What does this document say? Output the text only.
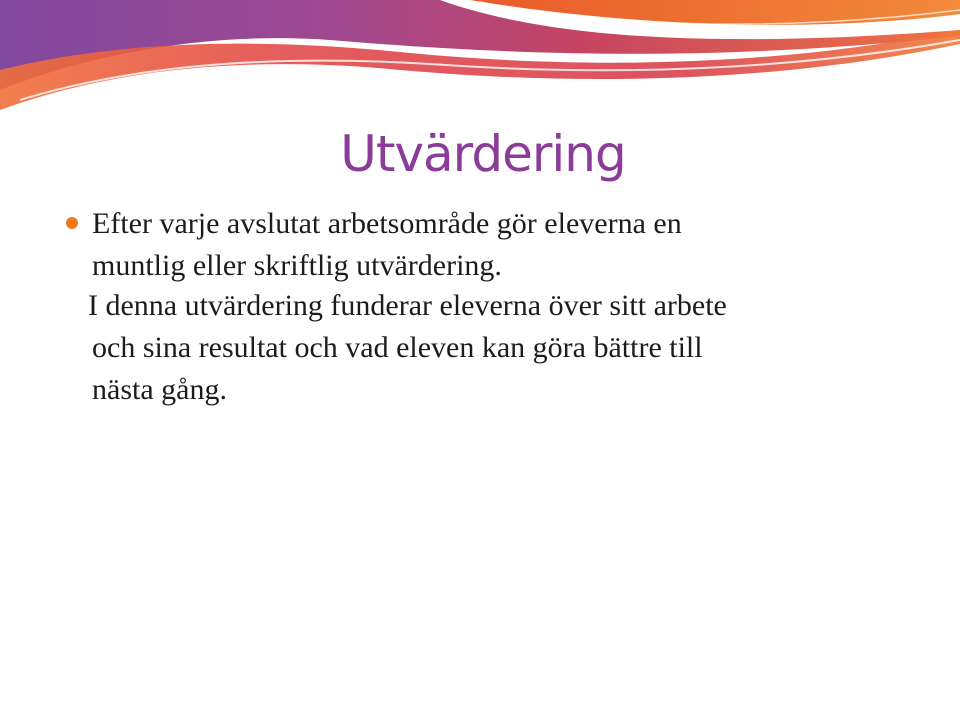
Utvärdering
Efter varje avslutat arbetsområde gör eleverna en
muntlig eller skriftlig utvärdering.
I denna utvärdering funderar eleverna över sitt arbete
och sina resultat och vad eleven kan göra bättre till
nästa gång.
